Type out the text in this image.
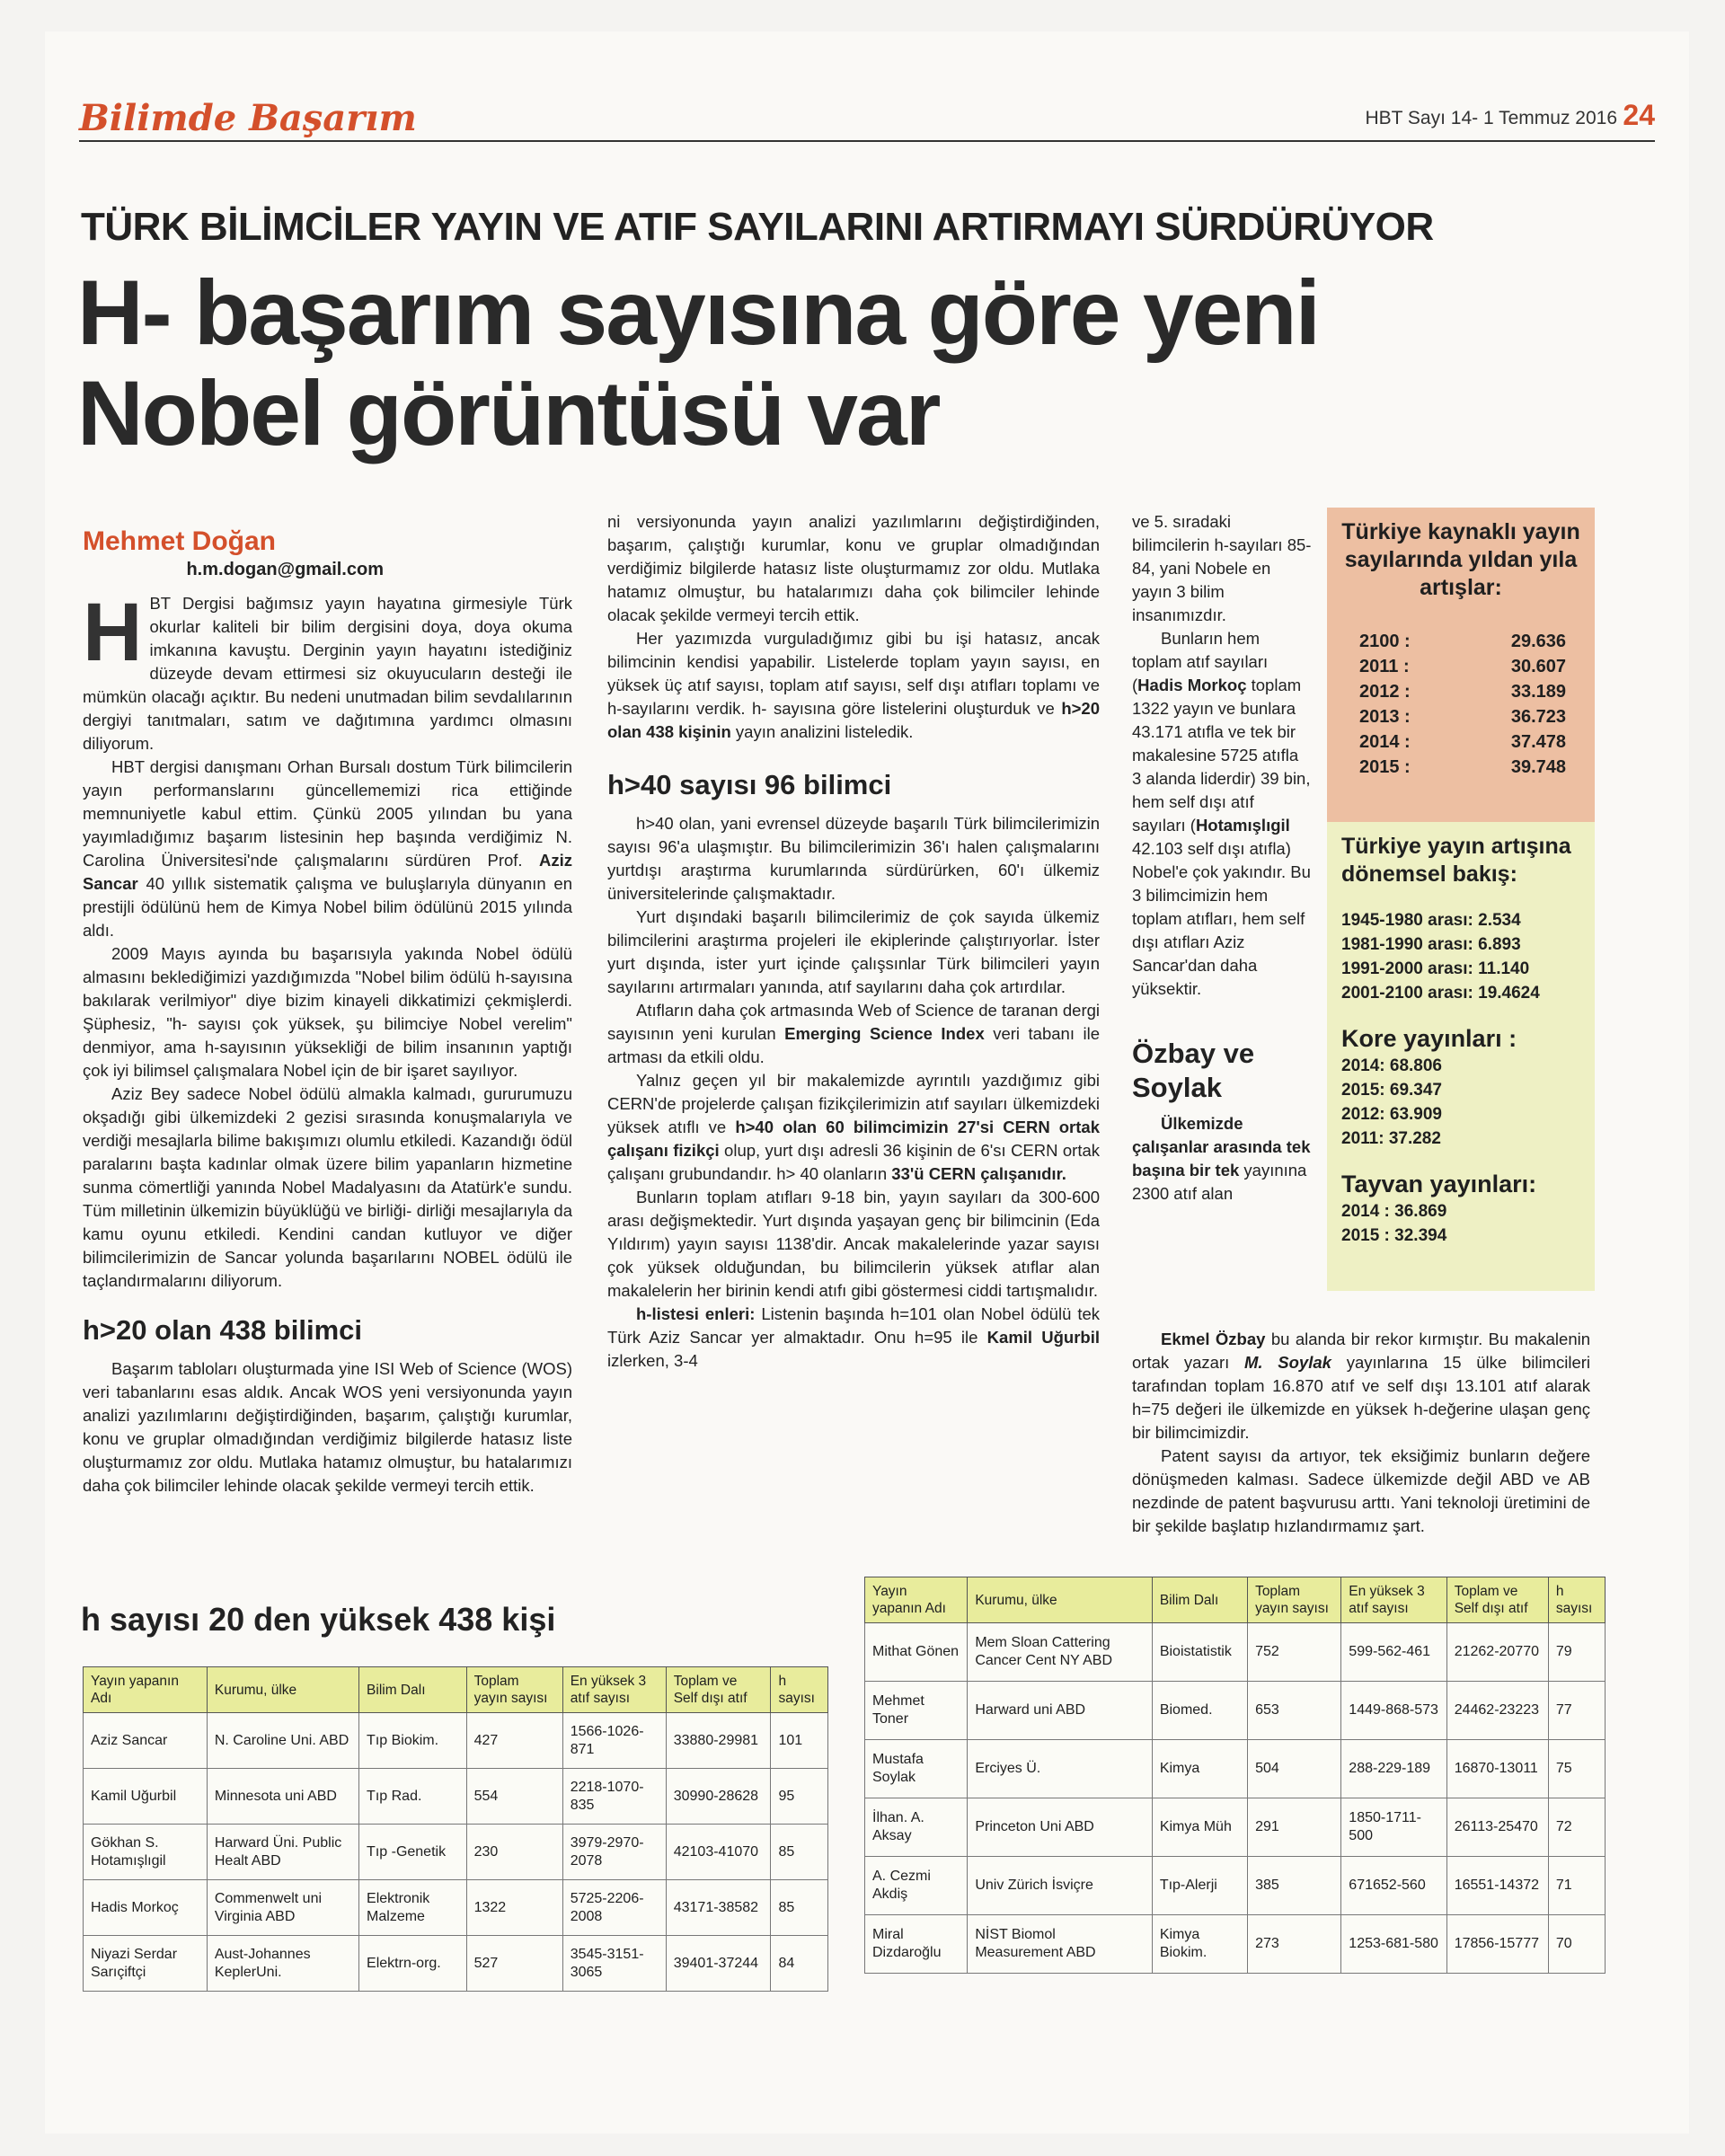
Bilimde Başarım	HBT Sayı 14- 1 Temmuz 2016 24
TÜRK BİLİMCİLER YAYIN VE ATIF SAYILARINI ARTIRMAYI SÜRDÜRÜYOR
H- başarım sayısına göre yeni
Nobel görüntüsü var
Mehmet Doğan
h.m.dogan@gmail.com

HBT Dergisi bağımsız yayın hayatına girmesiyle Türk okurlar kaliteli bir bilim dergisini doya, doya okuma imkanına kavuştu. Derginin yayın hayatını istediğiniz düzeyde devam ettirmesi siz okuyucuların desteği ile mümkün olacağı açıktır. Bu nedeni unutmadan bilim sevdalılarının dergiyi tanıtmaları, satım ve dağıtımına yardımcı olmasını diliyorum.

HBT dergisi danışmanı Orhan Bursalı dostum Türk bilimcilerin yayın performanslarını güncellememizi rica ettiğinde memnuniyetle kabul ettim. Çünkü 2005 yılından bu yana yayımladığımız başarım listesinin hep başında verdiğimiz N. Carolina Üniversitesi'nde çalışmalarını sürdüren Prof. Aziz Sancar 40 yıllık sistematik çalışma ve buluşlarıyla dünyanın en prestijli ödülünü hem de Kimya Nobel bilim ödülünü 2015 yılında aldı.

2009 Mayıs ayında bu başarısıyla yakında Nobel ödülü almasını beklediğimizi yazdığımızda "Nobel bilim ödülü h-sayısına bakılarak verilmiyor" diye bizim kinayeli dikkatimizi çekmişlerdi. Şüphesiz, "h- sayısı çok yüksek, şu bilimciye Nobel verelim" denmiyor, ama h-sayısının yüksekliği de bilim insanının yaptığı çok iyi bilimsel çalışmalara Nobel için de bir işaret sayılıyor.

Aziz Bey sadece Nobel ödülü almakla kalmadı, gururumuzu okşadığı gibi ülkemizdeki 2 gezisi sırasında konuşmalarıyla ve verdiği mesajlarla bilime bakışımızı olumlu etkiledi. Kazandığı ödül paralarını başta kadınlar olmak üzere bilim yapanların hizmetine sunma cömertliği yanında Nobel Madalyasını da Atatürk'e sundu. Tüm milletinin ülkemizin büyüklüğü ve birliği- dirliği mesajlarıyla da kamu oyunu etkiledi. Kendini candan kutluyor ve diğer bilimcilerimizin de Sancar yolunda başarılarını NOBEL ödülü ile taçlandırmalarını diliyorum.

h>20 olan 438 bilimci

Başarım tabloları oluşturmada yine ISI Web of Science (WOS) veri tabanlarını esas aldık. Ancak WOS yeni versiyonunda yayın analizi yazılımlarını değiştirdiğinden, başarım, çalıştığı kurumlar, konu ve gruplar olmadığından verdiğimiz bilgilerde hatasız liste oluşturmamız zor oldu. Mutlaka hatamız olmuştur, bu hatalarımızı daha çok bilimciler lehinde olacak şekilde vermeyi tercih ettik.

ni versiyonunda yayın analizi yazılımlarını değiştirdiğinden, başarım, çalıştığı kurumlar, konu ve gruplar olmadığından verdiğimiz bilgilerde hatasız liste oluşturmamız zor oldu. Mutlaka hatamız olmuştur, bu hatalarımızı daha çok bilimciler lehinde olacak şekilde vermeyi tercih ettik.

Her yazımızda vurguladığımız gibi bu işi hatasız, ancak bilimcinin kendisi yapabilir. Listelerde toplam yayın sayısı, en yüksek üç atıf sayısı, toplam atıf sayısı, self dışı atıfları toplamı ve h-sayılarını verdik. h- sayısına göre listelerini oluşturduk ve h>20 olan 438 kişinin yayın analizini listeledik.

h>40 sayısı 96 bilimci

h>40 olan, yani evrensel düzeyde başarılı Türk bilimcilerimizin sayısı 96'a ulaşmıştır. Bu bilimcilerimizin 36'ı halen çalışmalarını yurtdışı araştırma kurumlarında sürdürürken, 60'ı ülkemiz üniversitelerinde çalışmaktadır.

Yurt dışındaki başarılı bilimcilerimiz de çok sayıda ülkemiz bilimcilerini araştırma projeleri ile ekiplerinde çalıştırıyorlar. İster yurt dışında, ister yurt içinde çalışsınlar Türk bilimcileri yayın sayılarını artırmaları yanında, atıf sayılarını daha çok artırdılar.

Atıfların daha çok artmasında Web of Science de taranan dergi sayısının yeni kurulan Emerging Science Index veri tabanı ile artması da etkili oldu.

Yalnız geçen yıl bir makalemizde ayrıntılı yazdığımız gibi CERN'de projelerde çalışan fizikçilerimizin atıf sayıları ülkemizdeki yüksek atıflı ve h>40 olan 60 bilimcimizin 27'si CERN ortak çalışanı fizikçi olup, yurt dışı adresli 36 kişinin de 6'sı CERN ortak çalışanı grubundandır. h> 40 olanların 33'ü CERN çalışanıdır.

Bunların toplam atıfları 9-18 bin, yayın sayıları da 300-600 arası değişmektedir. Yurt dışında yaşayan genç bir bilimcinin (Eda Yıldırım) yayın sayısı 1138'dir. Ancak makalelerinde yazar sayısı çok yüksek olduğundan, bu bilimcilerin yüksek atıflar alan makalelerin her birinin kendi atıfı gibi göstermesi ciddi tartışmalıdır.

h-listesi enleri: Listenin başında h=101 olan Nobel ödülü tek Türk Aziz Sancar yer almaktadır. Onu h=95 ile Kamil Uğurbil izlerken, 3-4

ve 5. sıradaki bilimcilerin h-sayıları 85-84, yani Nobele en yayın 3 bilim insanımızdır.

Bunların hem toplam atıf sayıları (Hadis Morkoç toplam 1322 yayın ve bunlara 43.171 atıfla ve tek bir makalesine 5725 atıfla 3 alanda liderdir) 39 bin, hem self dışı atıf sayıları (Hotamışlıgil 42.103 self dışı atıfla) Nobel'e çok yakındır. Bu 3 bilimcimizin hem toplam atıfları, hem self dışı atıfları Aziz Sancar'dan daha yüksektir.

Özbay ve
Soylak

Ülkemizde çalışanlar arasında tek başına bir tek yayınına 2300 atıf alan

Ekmel Özbay bu alanda bir rekor kırmıştır. Bu makalenin ortak yazarı M. Soylak yayınlarına 15 ülke bilimcileri tarafından toplam 16.870 atıf ve self dışı 13.101 atıf alarak h=75 değeri ile ülkemizde en yüksek h-değerine ulaşan genç bir bilimcimizdir.

Patent sayısı da artıyor, tek eksiğimiz bunların değere dönüşmeden kalması. Sadece ülkemizde değil ABD ve AB nezdinde de patent başvurusu arttı. Yani teknoloji üretimini de bir şekilde başlatıp hızlandırmamız şart.

Türkiye kaynaklı yayın sayılarında yıldan yıla artışlar:
2100 :	29.636
2011 :	30.607
2012 :	33.189
2013 :	36.723
2014 :	37.478
2015 :	39.748
Türkiye yayın artışına dönemsel bakış:
1945-1980 arası: 2.534
1981-1990 arası: 6.893
1991-2000 arası: 11.140
2001-2100 arası: 19.4624
Kore yayınları :
2014: 68.806
2015: 69.347
2012: 63.909
2011: 37.282
Tayvan yayınları:
2014 : 36.869
2015 : 32.394
h sayısı 20 den yüksek 438 kişi
Yayın yapanın Adı	Kurumu, ülke	Bilim Dalı	Toplam yayın sayısı	En yüksek 3 atıf sayısı	Toplam ve Self dışı atıf	h sayısı
Aziz Sancar	N. Caroline Uni. ABD	Tıp Biokim.	427	1566-1026-871	33880-29981	101
Kamil Uğurbil	Minnesota uni ABD	Tıp Rad.	554	2218-1070-835	30990-28628	95
Gökhan S. Hotamışlıgil	Harward Üni. Public Healt ABD	Tıp -Genetik	230	3979-2970-2078	42103-41070	85
Hadis Morkoç	Commenwelt uni Virginia ABD	Elektronik Malzeme	1322	5725-2206-2008	43171-38582	85
Niyazi Serdar Sarıçiftçi	Aust-Johannes KeplerUni.	Elektrn-org.	527	3545-3151-3065	39401-37244	84
Yayın yapanın Adı	Kurumu, ülke	Bilim Dalı	Toplam yayın sayısı	En yüksek 3 atıf sayısı	Toplam ve Self dışı atıf	h sayısı
Mithat Gönen	Mem Sloan Cattering Cancer Cent NY ABD	Bioistatistik	752	599-562-461	21262-20770	79
Mehmet Toner	Harward uni ABD	Biomed.	653	1449-868-573	24462-23223	77
Mustafa Soylak	Erciyes Ü.	Kimya	504	288-229-189	16870-13011	75
İlhan. A. Aksay	Princeton Uni ABD	Kimya Müh	291	1850-1711-500	26113-25470	72
A. Cezmi Akdiş	Univ Zürich İsviçre	Tıp-Alerji	385	671652-560	16551-14372	71
Miral Dizdaroğlu	NİST Biomol Measurement ABD	Kimya Biokim.	273	1253-681-580	17856-15777	70
